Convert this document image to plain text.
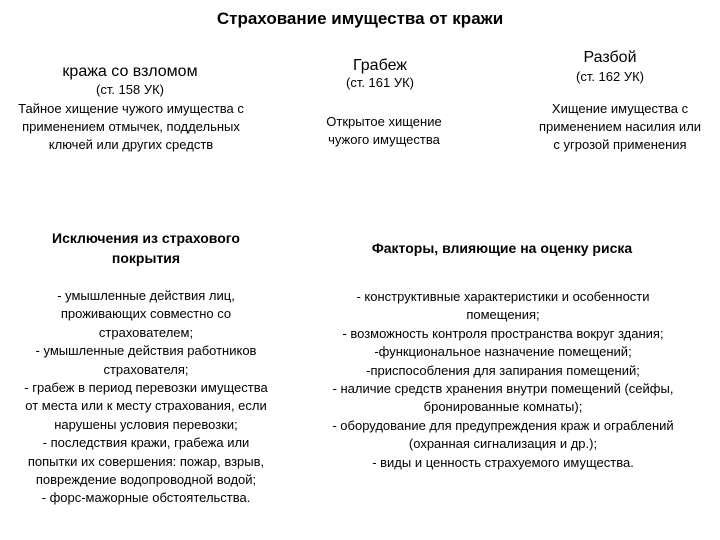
Страхование имущества от кражи
кража со взломом
(ст. 158 УК)
Тайное хищение чужого имущества с
применением отмычек, поддельных
ключей или других средств
Грабеж
(ст. 161 УК)
Открытое хищение
чужого имущества
Разбой
(ст. 162 УК)
Хищение имущества с
применением насилия или
с угрозой применения
Исключения из страхового
покрытия
- умышленные действия лиц,
проживающих совместно со
страхователем;
- умышленные действия работников
страхователя;
- грабеж в период перевозки имущества
от места или к месту страхования, если
нарушены условия перевозки;
- последствия кражи, грабежа или
попытки их совершения: пожар, взрыв,
повреждение водопроводной водой;
- форс-мажорные обстоятельства.
Факторы, влияющие на оценку риска
- конструктивные характеристики и особенности
помещения;
- возможность контроля пространства вокруг здания;
-функциональное назначение помещений;
-приспособления для запирания помещений;
- наличие средств хранения внутри помещений (сейфы,
бронированные комнаты);
- оборудование для предупреждения краж и ограблений
(охранная сигнализация и др.);
- виды и ценность страхуемого имущества.
